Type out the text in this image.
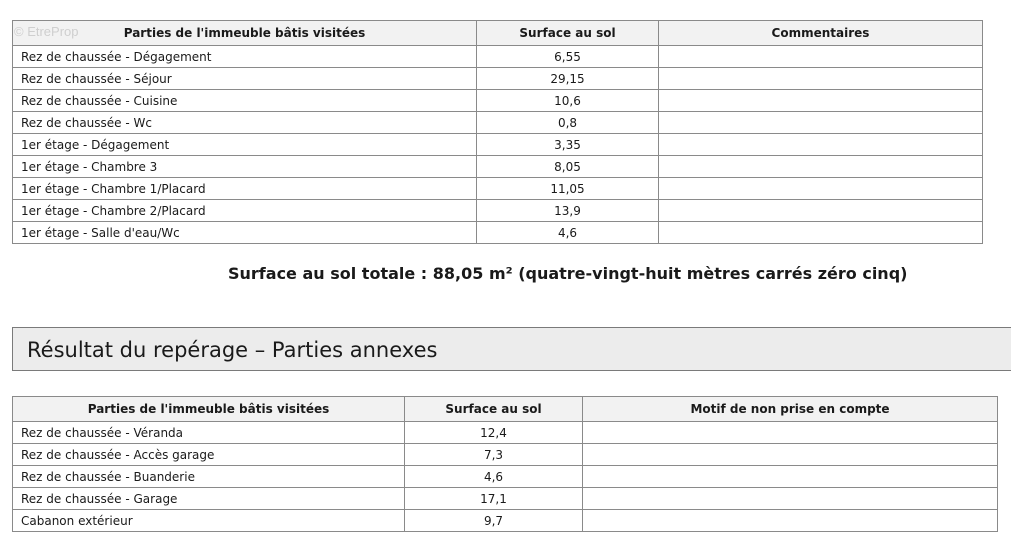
Parties de l'immeuble bâtis visitées	Surface au sol	Commentaires
Rez de chaussée - Dégagement	6,55	
Rez de chaussée - Séjour	29,15	
Rez de chaussée - Cuisine	10,6	
Rez de chaussée - Wc	0,8	
1er étage - Dégagement	3,35	
1er étage - Chambre 3	8,05	
1er étage - Chambre 1/Placard	11,05	
1er étage - Chambre 2/Placard	13,9	
1er étage - Salle d'eau/Wc	4,6	
© EtreProp
Surface au sol totale : 88,05 m² (quatre-vingt-huit mètres carrés zéro cinq)
Résultat du repérage – Parties annexes
Parties de l'immeuble bâtis visitées	Surface au sol	Motif de non prise en compte
Rez de chaussée - Véranda	12,4	
Rez de chaussée - Accès garage	7,3	
Rez de chaussée - Buanderie	4,6	
Rez de chaussée - Garage	17,1	
Cabanon extérieur	9,7	
